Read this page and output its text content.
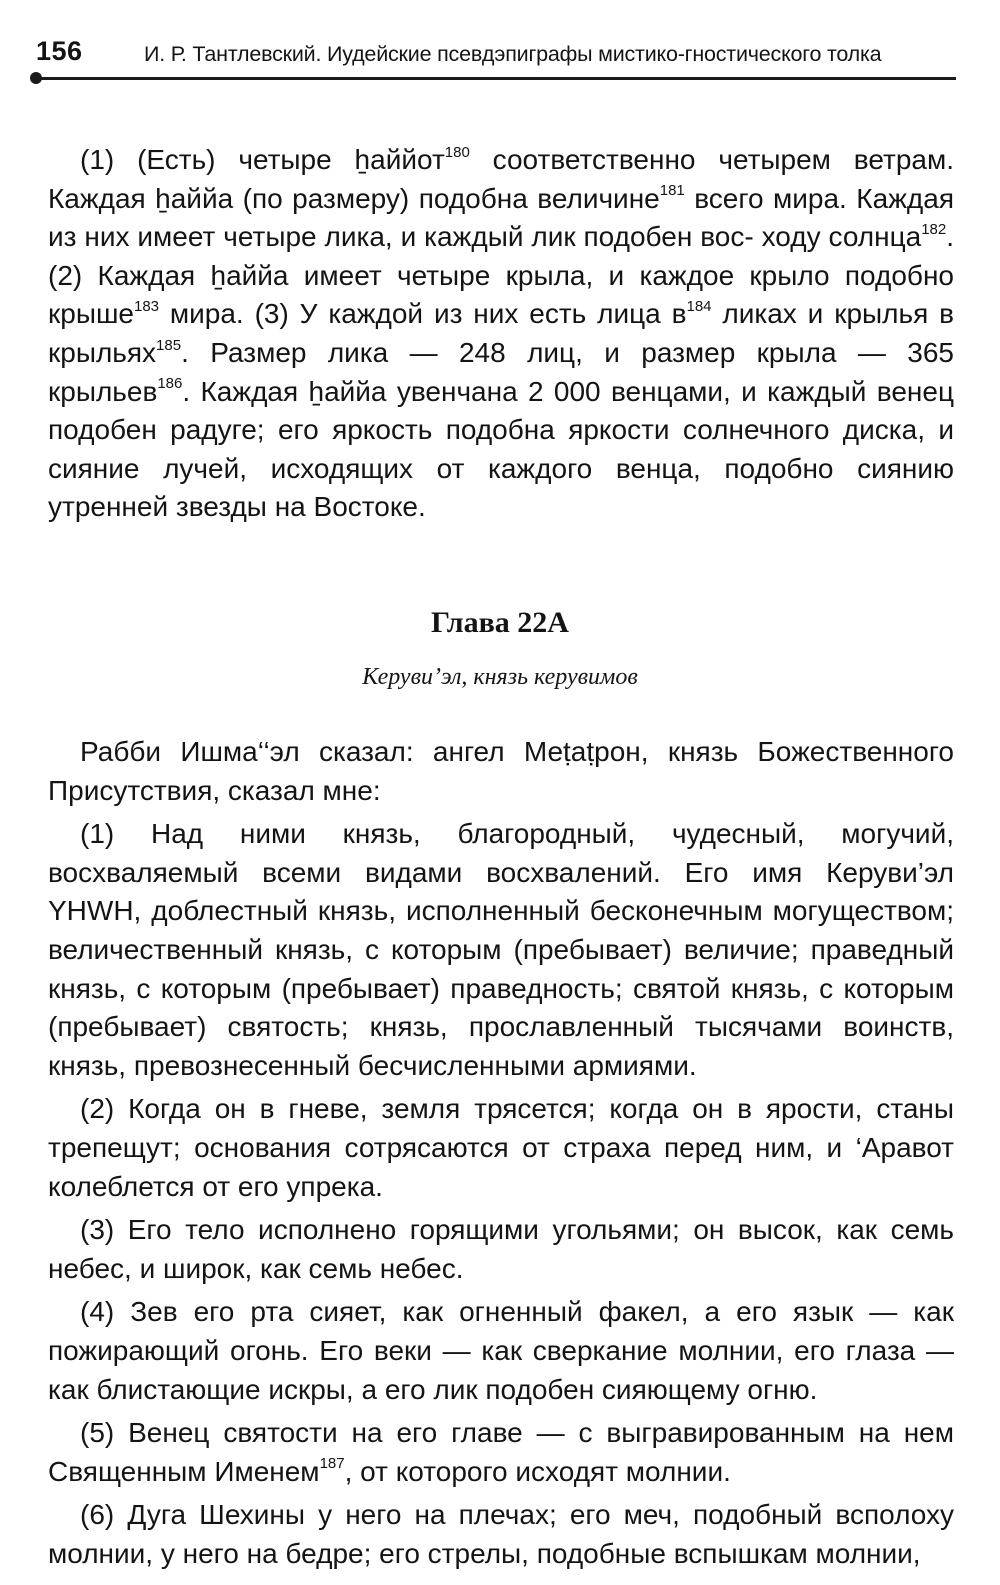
156	И. Р. Тантлевский. Иудейские псевдэпиграфы мистико-гностического толка

(1) (Есть) четыре ẖаййот$^{180}$ соответственно четырем ветрам. Каждая ẖаййа (по размеру) подобна величине$^{181}$ всего мира. Каждая из них имеет четыре лика, и каждый лик подобен вос- ходу солнца$^{182}$. (2) Каждая ẖаййа имеет четыре крыла, и каждое крыло подобно крыше$^{183}$ мира. (3) У каждой из них есть лица $в^{184}$ ликах и крылья в крыльях$^{185}$. Размер лика — 248 лиц, и размер крыла — 365 крыльев$^{186}$. Каждая ẖаййа увенчана 2 000 венцами, и каждый венец подобен радуге; его яркость подобна яркости солнечного диска, и сияние лучей, исходящих от каждого венца, подобно сиянию утренней звезды на Востоке.

Глава 22А
Керуви’эл, князь керувимов

Рабби Ишма‘‘эл сказал: ангел Меṭаṭрон, князь Божественного Присутствия, сказал мне:

(1) Над ними князь, благородный, чудесный, могучий, восхваляемый всеми видами восхвалений. Его имя Керуви’эл YHWH, доблестный князь, исполненный бесконечным могуществом; величественный князь, с которым (пребывает) величие; праведный князь, с которым (пребывает) праведность; святой князь, с которым (пребывает) святость; князь, прославленный тысячами воинств, князь, превознесенный бесчисленными армиями.

(2) Когда он в гневе, земля трясется; когда он в ярости, станы трепещут; основания сотрясаются от страха перед ним, и ‘Аравот колеблется от его упрека.

(3) Его тело исполнено горящими угольями; он высок, как семь небес, и широк, как семь небес.

(4) Зев его рта сияет, как огненный факел, а его язык — как пожирающий огонь. Его веки — как сверкание молнии, его глаза — как блистающие искры, а его лик подобен сияющему огню.

(5) Венец святости на его главе — с выгравированным на нем Священным Именем$^{187}$, от которого исходят молнии.

(6) Дуга Шехины у него на плечах; его меч, подобный всполоху молнии, у него на бедре; его стрелы, подобные вспышкам молнии,
